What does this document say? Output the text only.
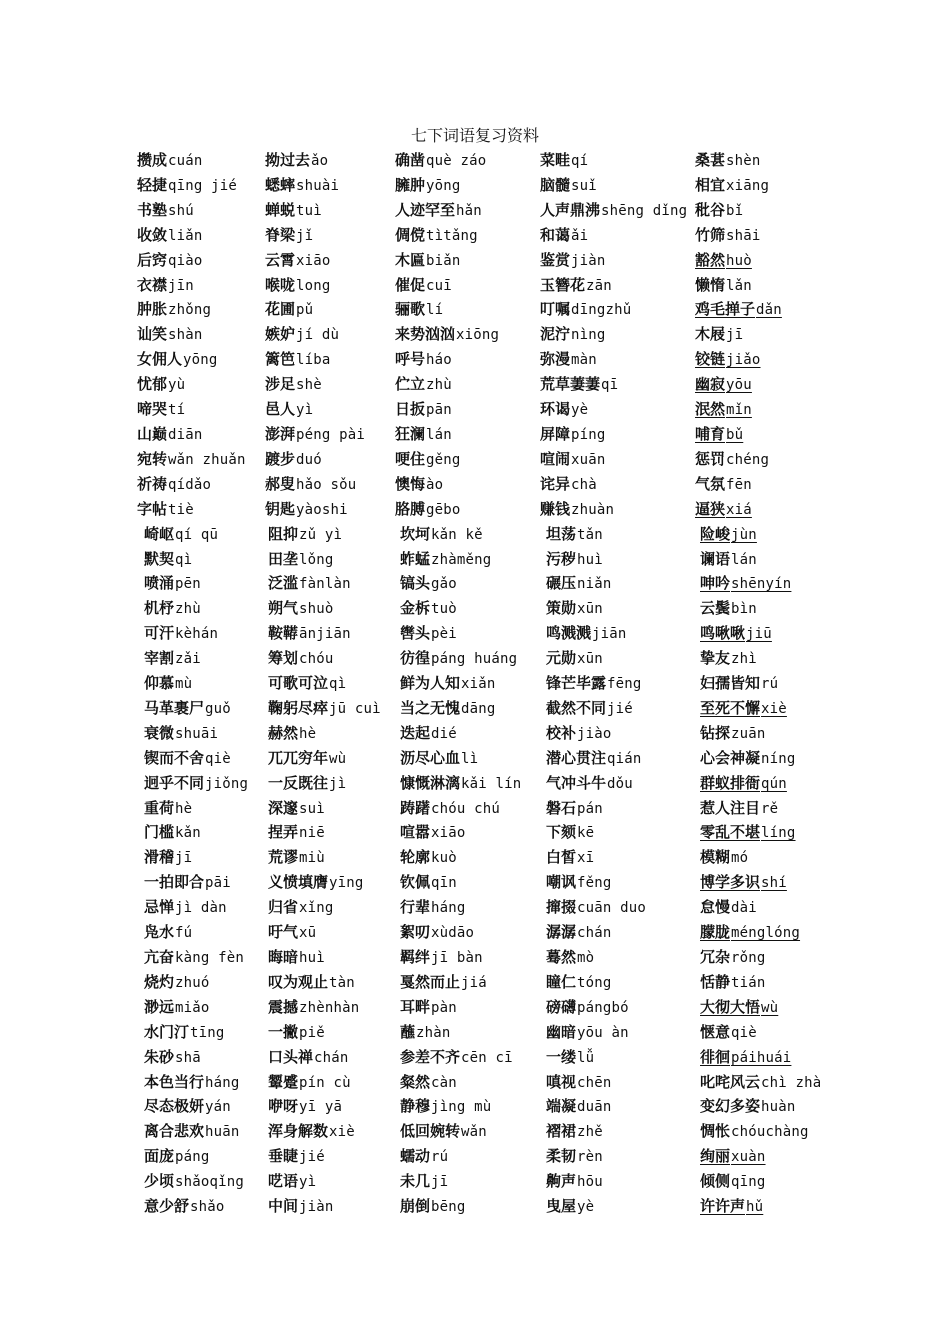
七下词语复习资料
攒成cuán	拗过去ǎo	确凿què záo	菜畦qí	桑葚shèn
轻捷qīng jié 蟋蟀shuài	臃肿yōng	脑髓suǐ	相宜xiāng
书塾shú	蝉蜕tuì	人迹罕至hǎn	人声鼎沸shēng dǐng 秕谷bǐ
收敛liǎn	脊梁jǐ	倜傥tìtǎng	和蔼ǎi	竹筛shāi
后窍qiào	云霄xiāo	木匾biǎn	鉴赏jiàn	豁然huò
衣襟jīn	喉咙long	催促cuī	玉簪花zān	懒惰lǎn
肿胀zhǒng	花圃pǔ	骊歌lí	叮嘱dīngzhǔ	鸡毛掸子dǎn
讪笑shàn	嫉妒jí dù	来势汹汹xiōng	泥泞nìng	木屐jī
女佣人yōng	篱笆líba	呼号háo	弥漫màn	铰链jiǎo
忧郁yù	涉足shè	伫立zhù	荒草萋萋qī	幽寂yōu
啼哭tí	邑人yì	日扳pān	环谒yè	泯然mǐn
山巅diān	澎湃péng pài 狂澜lán	屏障píng	哺育bǔ
宛转wǎn zhuǎn 踱步duó	哽住gěng	喧闹xuān	惩罚chéng
祈祷qídǎo	郝叟hǎo sǒu	懊悔ào	诧异chà	气氛fēn
字帖tiè	钥匙yàoshi	胳膊gēbo	赚钱zhuàn	逼狭xiá
崎岖qí qū	阻抑zǔ yì	坎坷kǎn kě	坦荡tǎn	险峻jùn
默契qì	田垄lǒng	蚱蜢zhàměng	污秽huì	谰语lán
喷涌pēn	泛滥fànlàn	镐头gǎo	碾压niǎn	呻吟shēnyín
机杼zhù	朔气shuò	金柝tuò	策勋xūn	云鬓bìn
可汗kèhán	鞍鞯ānjiān	辔头pèi	鸣溅溅jiān	鸣啾啾jiū
宰割zǎi	筹划chóu	彷徨páng huáng 元勋xūn	挚友zhì
仰慕mù	可歌可泣qì	鲜为人知xiǎn	锋芒毕露fēng	妇孺皆知rú
马革裹尸guǒ 鞠躬尽瘁jū cuì 当之无愧dāng	截然不同jié	至死不懈xiè
衰微shuāi	赫然hè	迭起dié	校补jiào	钻探zuān
锲而不舍qiè 兀兀穷年wù	沥尽心血lì	潜心贯注qián	心会神凝níng
迥乎不同jiǒng 一反既往jì	慷慨淋漓kǎi lín 气冲斗牛dǒu	群蚁排衙qún
重荷hè	深邃suì	踌躇chóu chú	磐石pán	惹人注目rě
门槛kǎn	捏弄niē	喧嚣xiāo	下颏kē	零乱不堪líng
滑稽jī	荒谬miù	轮廓kuò	白皙xī	模糊mó
一拍即合pāi 义愤填膺yīng 钦佩qīn	嘲讽fěng	博学多识shí
忌惮jì dàn	归省xǐng	行辈háng	撺掇cuān duo	怠慢dài
凫水fú	吁气xū	絮叨xùdāo	潺潺chán	朦胧ménglóng
亢奋kàng fèn 晦暗huì	羁绊jī bàn	蓦然mò	冗杂rǒng
烧灼zhuó	叹为观止tàn	戛然而止jiá	瞳仁tóng	恬静tián
渺远miǎo	震撼zhènhàn	耳畔pàn	磅礴pángbó	大彻大悟wù
水门汀tīng	一撇piě	蘸zhàn	幽暗yōu àn	惬意qiè
朱砂shā	口头禅chán	参差不齐cēn cī 一缕lǚ	徘徊páihuái
本色当行háng 颦蹙pín cù	粲然càn	嗔视chēn	叱咤风云chì zhà
尽态极妍yán 咿呀yī yā	静穆jìng mù	端凝duān	变幻多姿huàn
离合悲欢huān 浑身解数xiè	低回婉转wǎn	褶裙zhě	惆怅chóuchàng
面庞páng	垂睫jié	蠕动rú	柔韧rèn	绚丽xuàn
少顷shǎoqǐng 呓语yì	未几jī	齁声hōu	倾侧qīng
意少舒shǎo	中间jiàn	崩倒bēng	曳屋yè	许许声hǔ
